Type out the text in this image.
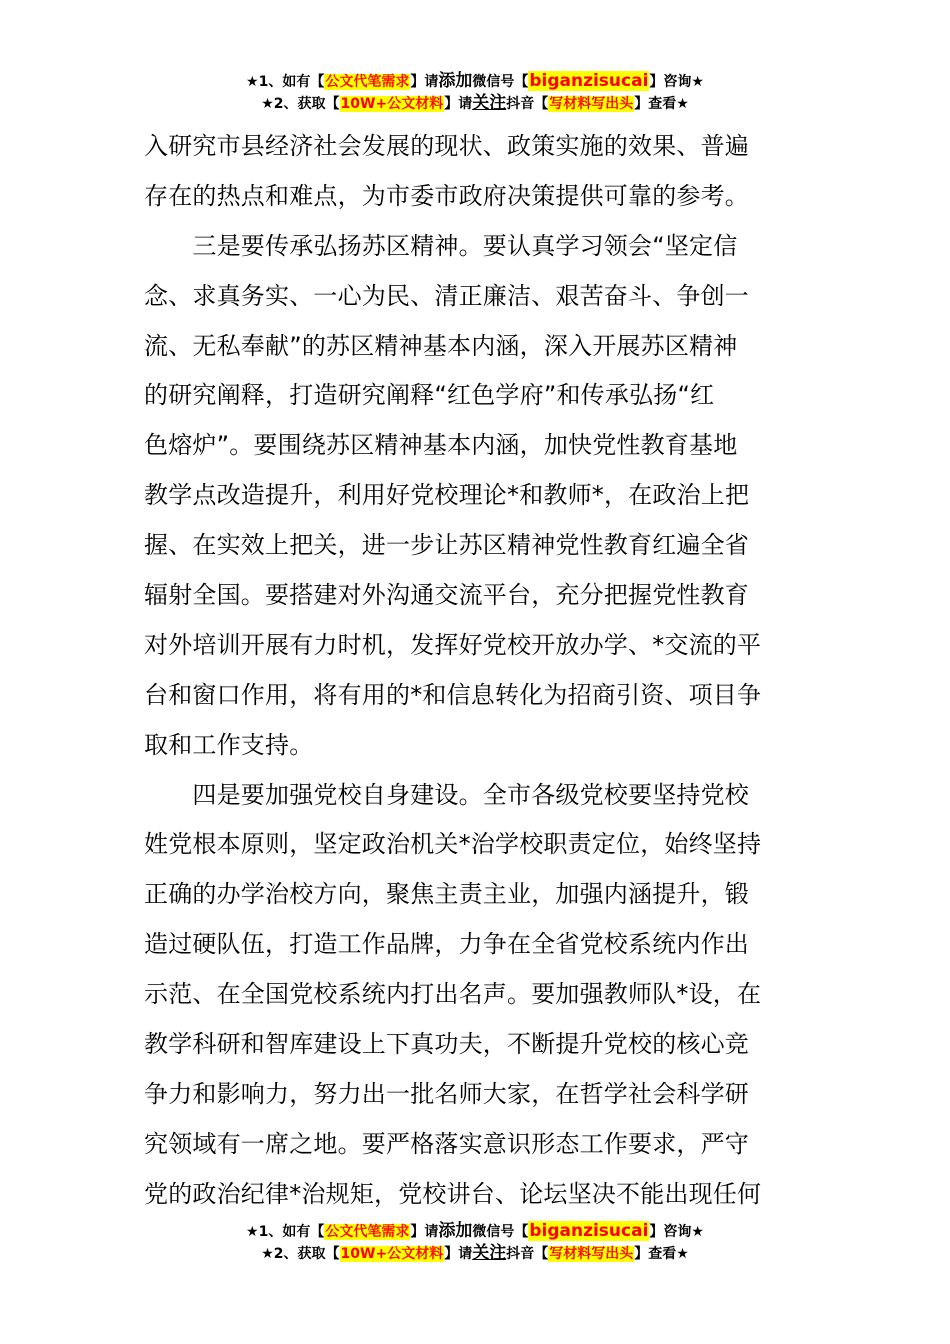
★1、如有【公文代笔需求】请添加微信号【biganzisucai】咨询★
★2、获取【10W+公文材料】请关注抖音【写材料写出头】查看★
入研究市县经济社会发展的现状、政策实施的效果、普遍
存在的热点和难点，为市委市政府决策提供可靠的参考。
　　三是要传承弘扬苏区精神。要认真学习领会“坚定信
念、求真务实、一心为民、清正廉洁、艰苦奋斗、争创一
流、无私奉献”的苏区精神基本内涵，深入开展苏区精神
的研究阐释，打造研究阐释“红色学府”和传承弘扬“红
色熔炉”。要围绕苏区精神基本内涵，加快党性教育基地
教学点改造提升，利用好党校理论*和教师*，在政治上把
握、在实效上把关，进一步让苏区精神党性教育红遍全省
辐射全国。要搭建对外沟通交流平台，充分把握党性教育
对外培训开展有力时机，发挥好党校开放办学、*交流的平
台和窗口作用，将有用的*和信息转化为招商引资、项目争
取和工作支持。
　　四是要加强党校自身建设。全市各级党校要坚持党校
姓党根本原则，坚定政治机关*治学校职责定位，始终坚持
正确的办学治校方向，聚焦主责主业，加强内涵提升，锻
造过硬队伍，打造工作品牌，力争在全省党校系统内作出
示范、在全国党校系统内打出名声。要加强教师队*设，在
教学科研和智库建设上下真功夫，不断提升党校的核心竞
争力和影响力，努力出一批名师大家，在哲学社会科学研
究领域有一席之地。要严格落实意识形态工作要求，严守
党的政治纪律*治规矩，党校讲台、论坛坚决不能出现任何
★1、如有【公文代笔需求】请添加微信号【biganzisucai】咨询★
★2、获取【10W+公文材料】请关注抖音【写材料写出头】查看★
